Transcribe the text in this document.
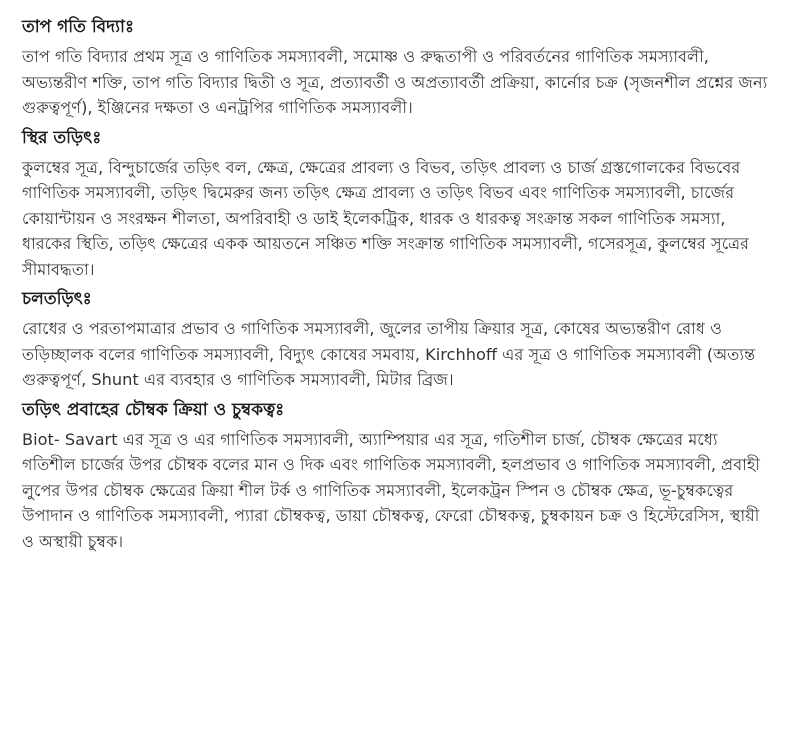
তাপ গতি বিদ্যাঃ
তাপ গতি বিদ্যার প্রথম সূত্র ও গাণিতিক সমস্যাবলী, সমোষ্ণ ও রুদ্ধতাপী ও পরিবর্তনের গাণিতিক সমস্যাবলী, অভ্যন্তরীণ শক্তি, তাপ গতি বিদ্যার দ্বিতী ও সূত্র, প্রত্যাবর্তী ও অপ্রত্যাবর্তী প্রক্রিয়া, কার্নোর চক্র (সৃজনশীল প্রশ্নের জন্য গুরুত্বপূর্ণ), ইঞ্জিনের দক্ষতা ও এনট্রপির গাণিতিক সমস্যাবলী।
স্থির তড়িৎঃ
কুলম্বের সূত্র, বিন্দুচার্জের তড়িৎ বল, ক্ষেত্র, ক্ষেত্রের প্রাবল্য ও বিভব, তড়িৎ প্রাবল্য ও চার্জ গ্রস্তগোলকের বিভবের গাণিতিক সমস্যাবলী, তড়িৎ দ্বিমেরুর জন্য তড়িৎ ক্ষেত্র প্রাবল্য ও তড়িৎ বিভব এবং গাণিতিক সমস্যাবলী, চার্জের কোয়ান্টায়ন ও সংরক্ষন শীলতা, অপরিবাহী ও ডাই ইলেকট্রিক, ধারক ও ধারকত্ব সংক্রান্ত সকল গাণিতিক সমস্যা, ধারকের স্থিতি, তড়িৎ ক্ষেত্রের একক আয়তনে সঞ্চিত শক্তি সংক্রান্ত গাণিতিক সমস্যাবলী, গসেরসূত্র, কুলম্বের সূত্রের সীমাবদ্ধতা।
চলতড়িৎঃ
রোধের ও পরতাপমাত্রার প্রভাব ও গাণিতিক সমস্যাবলী, জুলের তাপীয় ক্রিয়ার সূত্র, কোষের অভ্যন্তরীণ রোধ ও তড়িচ্ছালক বলের গাণিতিক সমস্যাবলী, বিদ্যুৎ কোষের সমবায়, Kirchhoff এর সূত্র ও গাণিতিক সমস্যাবলী (অত্যন্ত গুরুত্বপূর্ণ, Shunt এর ব্যবহার ও গাণিতিক সমস্যাবলী, মিটার ব্রিজ।
তড়িৎ প্রবাহের চৌম্বক ক্রিয়া ও চুম্বকত্বঃ
Biot- Savart এর সূত্র ও এর গাণিতিক সমস্যাবলী, অ্যাম্পিয়ার এর সূত্র, গতিশীল চার্জ, চৌম্বক ক্ষেত্রের মধ্যে গতিশীল চার্জের উপর চৌম্বক বলের মান ও দিক এবং গাণিতিক সমস্যাবলী, হলপ্রভাব ও গাণিতিক সমস্যাবলী, প্রবাহী লুপের উপর চৌম্বক ক্ষেত্রের ক্রিয়া শীল টর্ক ও গাণিতিক সমস্যাবলী, ইলেকট্রন স্পিন ও চৌম্বক ক্ষেত্র, ভূ-চুম্বকত্বের উপাদান ও গাণিতিক সমস্যাবলী, প্যারা চৌম্বকত্ব, ডায়া চৌম্বকত্ব, ফেরো চৌম্বকত্ব, চুম্বকায়ন চক্র ও হিস্টেরেসিস, স্থায়ী ও অস্থায়ী চুম্বক।
